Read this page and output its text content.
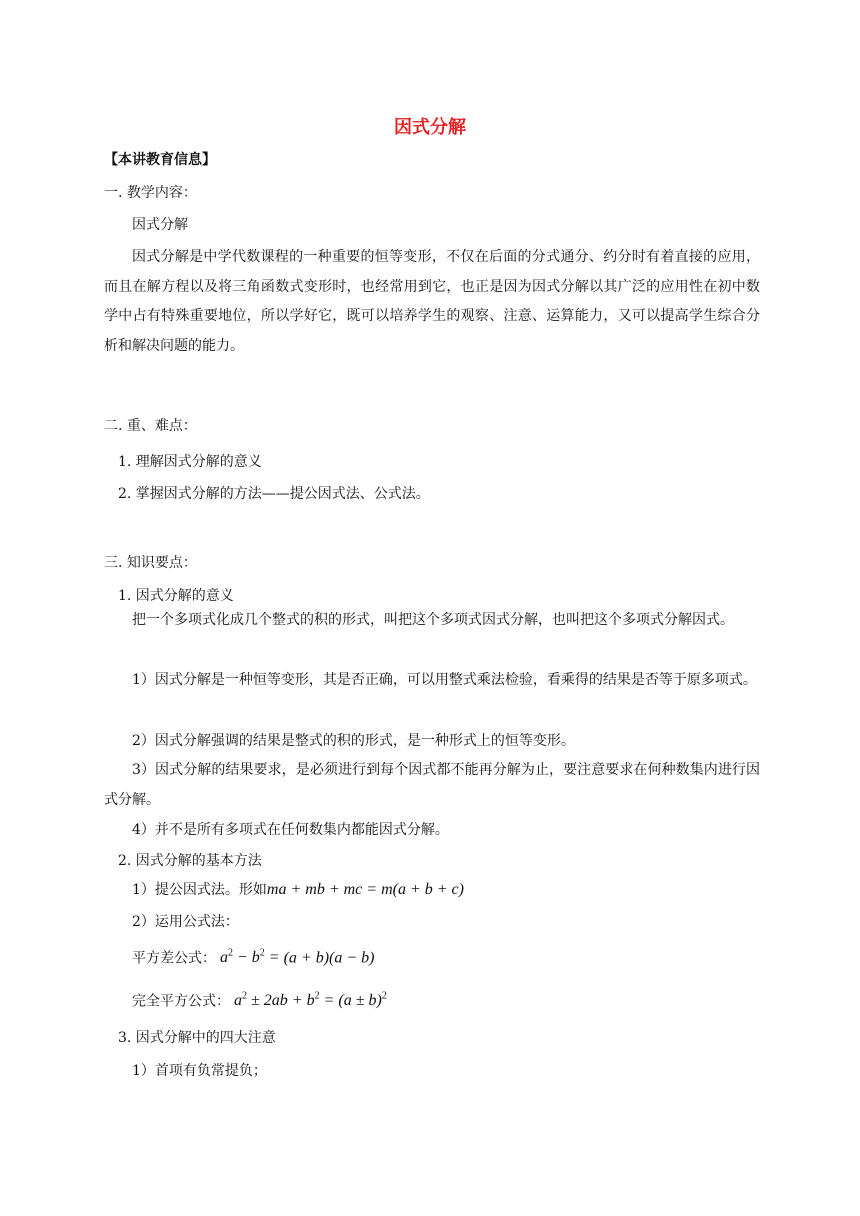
因式分解
【本讲教育信息】
一. 教学内容：
因式分解
因式分解是中学代数课程的一种重要的恒等变形，不仅在后面的分式通分、约分时有着直接的应用，而且在解方程以及将三角函数式变形时，也经常用到它，也正是因为因式分解以其广泛的应用性在初中数学中占有特殊重要地位，所以学好它，既可以培养学生的观察、注意、运算能力，又可以提高学生综合分析和解决问题的能力。
二. 重、难点：
1. 理解因式分解的意义
2. 掌握因式分解的方法——提公因式法、公式法。
三. 知识要点：
1. 因式分解的意义
把一个多项式化成几个整式的积的形式，叫把这个多项式因式分解，也叫把这个多项式分解因式。
1）因式分解是一种恒等变形，其是否正确，可以用整式乘法检验，看乘得的结果是否等于原多项式。
2）因式分解强调的结果是整式的积的形式，是一种形式上的恒等变形。
3）因式分解的结果要求，是必须进行到每个因式都不能再分解为止，要注意要求在何种数集内进行因式分解。
4）并不是所有多项式在任何数集内都能因式分解。
2. 因式分解的基本方法
1）提公因式法。形如ma + mb + mc = m(a + b + c)
2）运用公式法：
平方差公式： $a^2 - b^2 = (a + b)(a - b)$
完全平方公式： $a^2 \pm 2ab + b^2 = (a \pm b)^2$
3. 因式分解中的四大注意
1）首项有负常提负；
